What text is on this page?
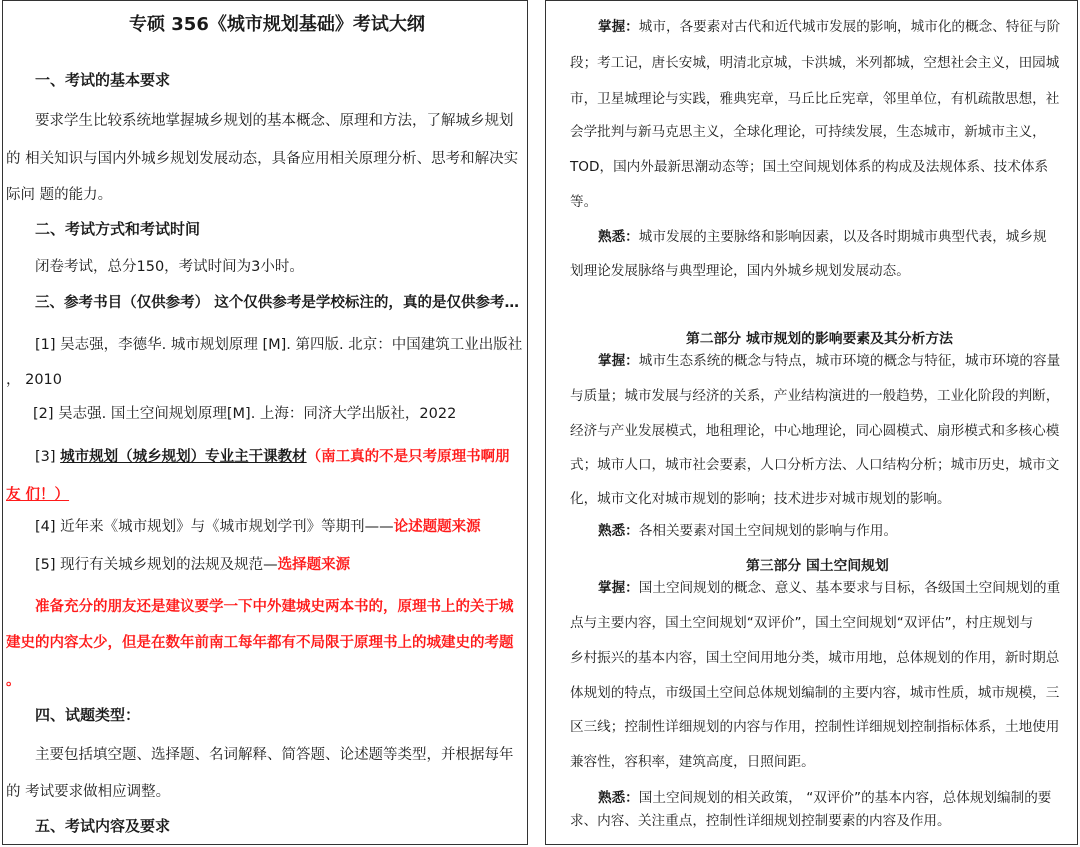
专硕 356《城市规划基础》考试大纲
一、考试的基本要求
要求学生比较系统地掌握城乡规划的基本概念、原理和方法，了解城乡规划
的 相关知识与国内外城乡规划发展动态，具备应用相关原理分析、思考和解决实
际问 题的能力。
二、考试方式和考试时间
闭卷考试，总分150，考试时间为3小时。
三、参考书目（仅供参考） 这个仅供参考是学校标注的，真的是仅供参考…
[1] 吴志强，李德华. 城市规划原理 [M]. 第四版. 北京：中国建筑工业出版社
， 2010
[2] 吴志强. 国土空间规划原理[M]. 上海：同济大学出版社，2022
[3] 城市规划（城乡规划）专业主干课教材（南工真的不是只考原理书啊朋
友 们！）
[4] 近年来《城市规划》与《城市规划学刊》等期刊——论述题题来源
[5] 现行有关城乡规划的法规及规范—选择题来源
准备充分的朋友还是建议要学一下中外建城史两本书的，原理书上的关于城
建史的内容太少，但是在数年前南工每年都有不局限于原理书上的城建史的考题
。
四、试题类型：
主要包括填空题、选择题、名词解释、简答题、论述题等类型，并根据每年
的 考试要求做相应调整。
五、考试内容及要求
掌握：城市，各要素对古代和近代城市发展的影响，城市化的概念、特征与阶
段；考工记，唐长安城，明清北京城，卡洪城，米列都城，空想社会主义，田园城
市，卫星城理论与实践，雅典宪章，马丘比丘宪章，邻里单位，有机疏散思想，社
会学批判与新马克思主义，全球化理论，可持续发展，生态城市，新城市主义，
TOD，国内外最新思潮动态等；国土空间规划体系的构成及法规体系、技术体系
等。
熟悉：城市发展的主要脉络和影响因素，以及各时期城市典型代表，城乡规
划理论发展脉络与典型理论，国内外城乡规划发展动态。
第二部分 城市规划的影响要素及其分析方法
掌握：城市生态系统的概念与特点，城市环境的概念与特征，城市环境的容量
与质量；城市发展与经济的关系，产业结构演进的一般趋势，工业化阶段的判断，
经济与产业发展模式，地租理论，中心地理论，同心圆模式、扇形模式和多核心模
式；城市人口，城市社会要素，人口分析方法、人口结构分析；城市历史，城市文
化，城市文化对城市规划的影响；技术进步对城市规划的影响。
熟悉：各相关要素对国土空间规划的影响与作用。
第三部分 国土空间规划
掌握：国土空间规划的概念、意义、基本要求与目标，各级国土空间规划的重
点与主要内容，国土空间规划“双评价”，国土空间规划“双评估”，村庄规划与
乡村振兴的基本内容，国土空间用地分类，城市用地，总体规划的作用，新时期总
体规划的特点，市级国土空间总体规划编制的主要内容，城市性质，城市规模，三
区三线；控制性详细规划的内容与作用，控制性详细规划控制指标体系，土地使用
兼容性，容积率，建筑高度，日照间距。
熟悉：国土空间规划的相关政策， “双评价”的基本内容，总体规划编制的要
求、内容、关注重点，控制性详细规划控制要素的内容及作用。
